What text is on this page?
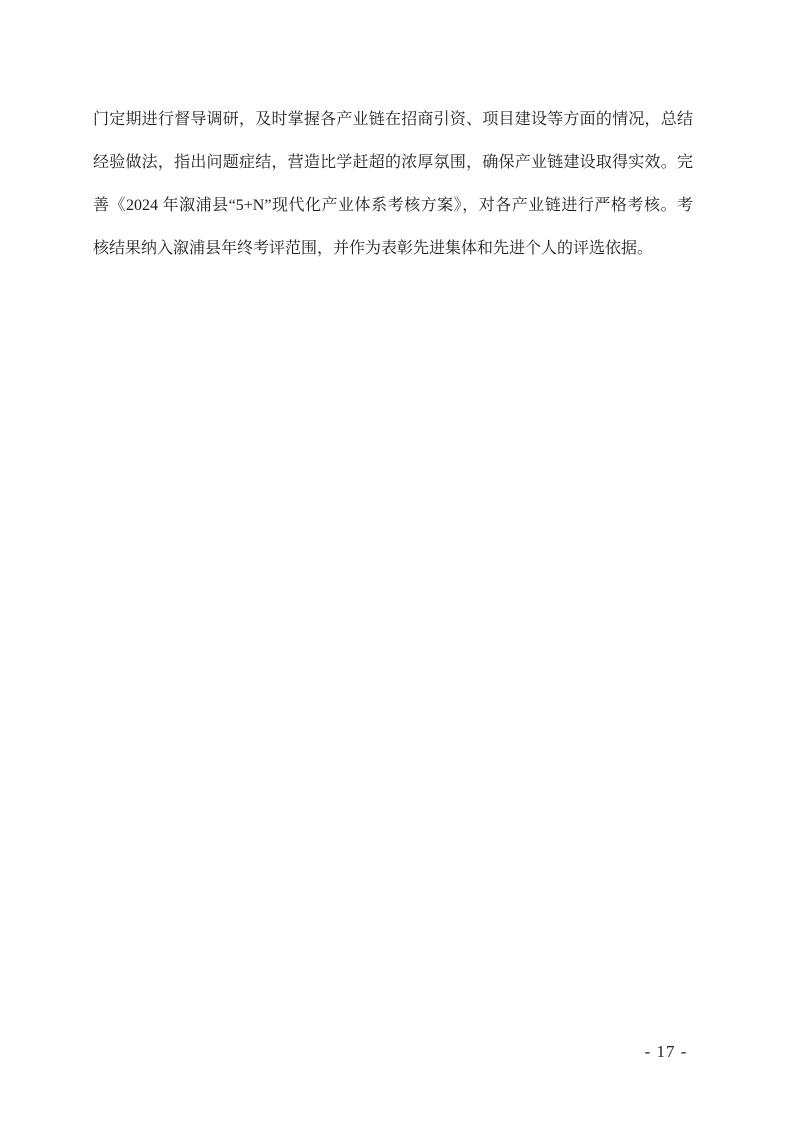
门定期进行督导调研，及时掌握各产业链在招商引资、项目建设等方面的情况，总结
经验做法，指出问题症结，营造比学赶超的浓厚氛围，确保产业链建设取得实效。完
善《2024 年溆浦县“5+N”现代化产业体系考核方案》，对各产业链进行严格考核。考
核结果纳入溆浦县年终考评范围，并作为表彰先进集体和先进个人的评选依据。
- 17 -
